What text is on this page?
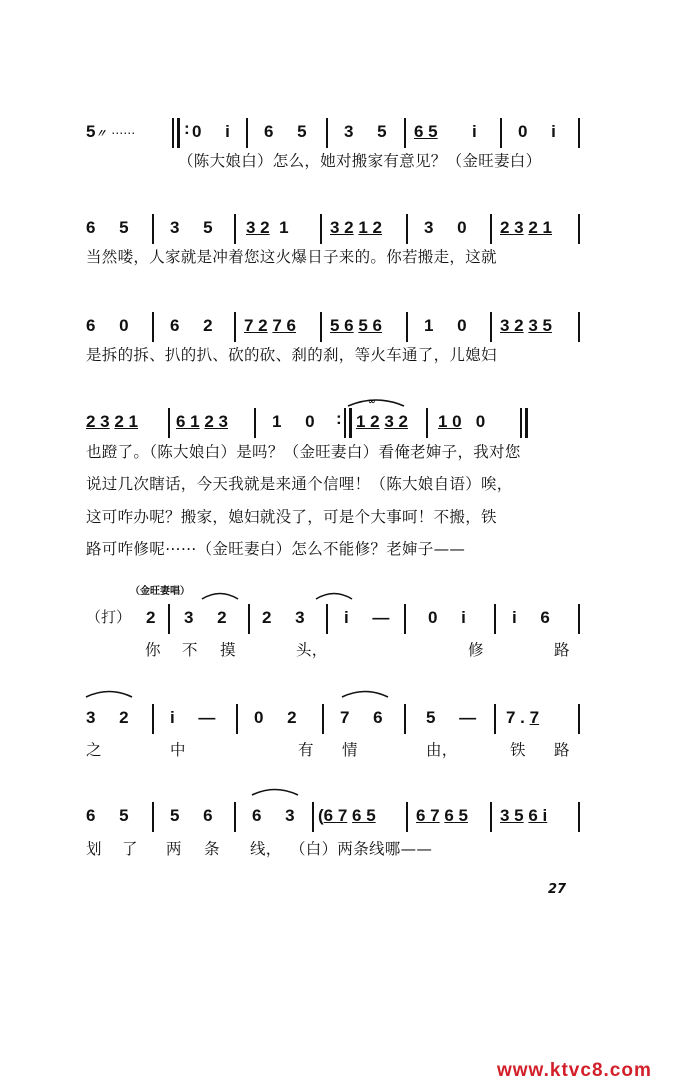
5〃 ⋯⋯	: 0     i 6     5 3     5 6 5 i 0     i
（陈大娘白）怎么，她对搬家有意见？（金旺妻白）
6     5 3     5 3 2  1 3 2 1 2 3     0 2 3 2 1
当然喽，人家就是冲着您这火爆日子来的。你若搬走，这就
6     0 6     2 7 2 7 6 5 6 5 6 1     0 3 2 3 5
是拆的拆、扒的扒、砍的砍、刹的刹，等火车通了，儿媳妇
∞
2 3 2 1 6 1 2 3	1     0 : 1 2 3 2 1 0   0
也蹬了。（陈大娘白）是吗？（金旺妻白）看俺老婶子，我对您
说过几次瞎话，今天我就是来通个信哩！（陈大娘自语）唉，
这可咋办呢？搬家，媳妇就没了，可是个大事呵！不搬，铁
路可咋修呢⋯⋯（金旺妻白）怎么不能修？老婶子——
（金旺妻唱）
（打） 2 3     2 2     3 i     — 0     i	i     6
你 不 摸	头，	修	路
3     2 i     — 0     2	7     6	5     — 7 . 7
之	中	有 情	由，	铁 路
6     5 5     6 6     3 (6 7 6 5 6 7 6 5 3 5 6 i
划 了 两 条 线， （白）两条线哪——
27
www.ktvc8.com
